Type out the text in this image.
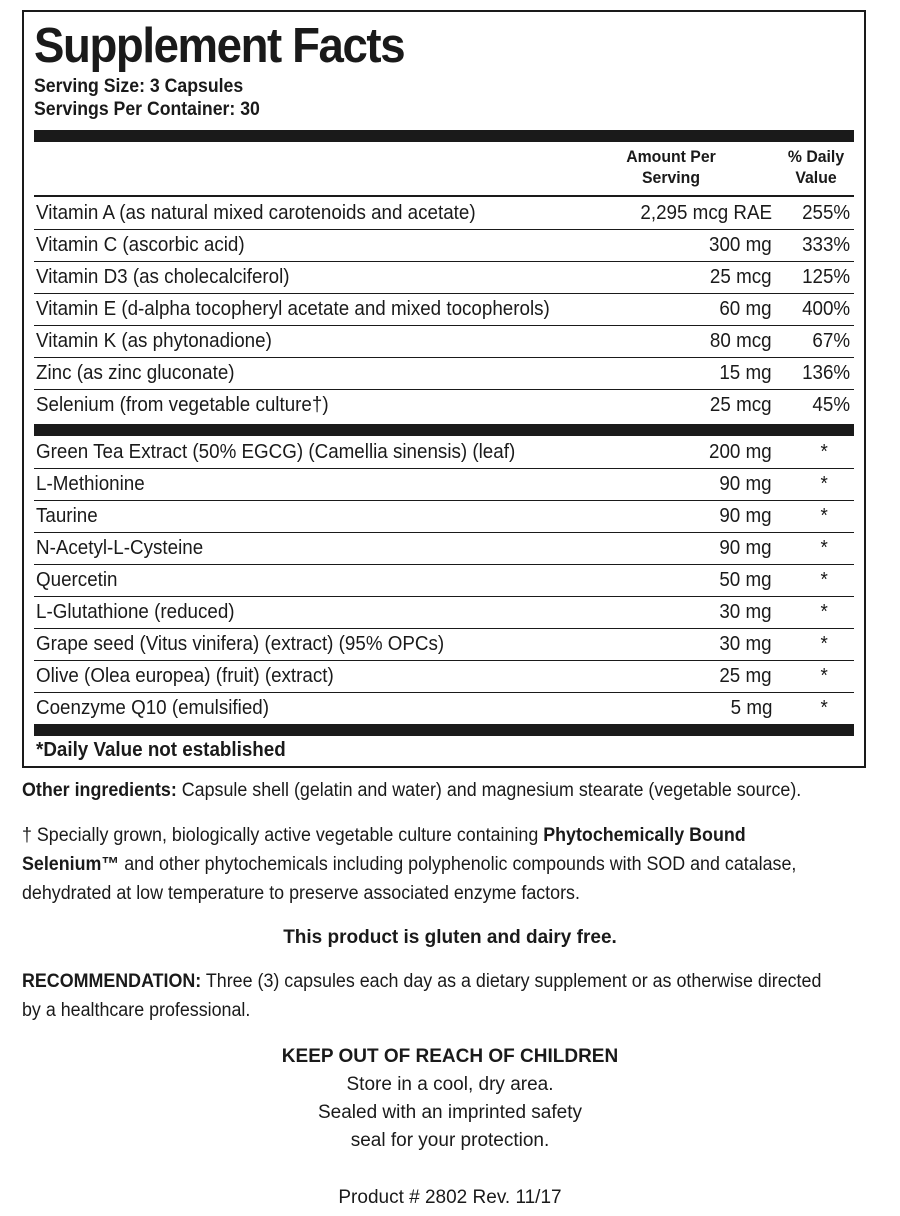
Supplement Facts
Serving Size: 3 Capsules
Servings Per Container: 30
Amount Per
Serving
% Daily
Value
Vitamin A (as natural mixed carotenoids and acetate)	2,295 mcg RAE 255%
Vitamin C (ascorbic acid)	300 mg 333%
Vitamin D3 (as cholecalciferol)	25 mcg 125%
Vitamin E (d-alpha tocopheryl acetate and mixed tocopherols)	60 mg 400%
Vitamin K (as phytonadione)	80 mcg 67%
Zinc (as zinc gluconate)	15 mg 136%
Selenium (from vegetable culture†)	25 mcg 45%
Green Tea Extract (50% EGCG) (Camellia sinensis) (leaf)	200 mg *
L-Methionine	90 mg *
Taurine	90 mg *
N-Acetyl-L-Cysteine	90 mg *
Quercetin	50 mg *
L-Glutathione (reduced)	30 mg *
Grape seed (Vitus vinifera) (extract) (95% OPCs)	30 mg *
Olive (Olea europea) (fruit) (extract)	25 mg *
Coenzyme Q10 (emulsified)	5 mg *
*Daily Value not established
Other ingredients: Capsule shell (gelatin and water) and magnesium stearate (vegetable source).
† Specially grown, biologically active vegetable culture containing Phytochemically Bound
Selenium™ and other phytochemicals including polyphenolic compounds with SOD and catalase,
dehydrated at low temperature to preserve associated enzyme factors.
This product is gluten and dairy free.
RECOMMENDATION: Three (3) capsules each day as a dietary supplement or as otherwise directed
by a healthcare professional.
KEEP OUT OF REACH OF CHILDREN
Store in a cool, dry area.
Sealed with an imprinted safety
seal for your protection.
Product # 2802 Rev. 11/17
